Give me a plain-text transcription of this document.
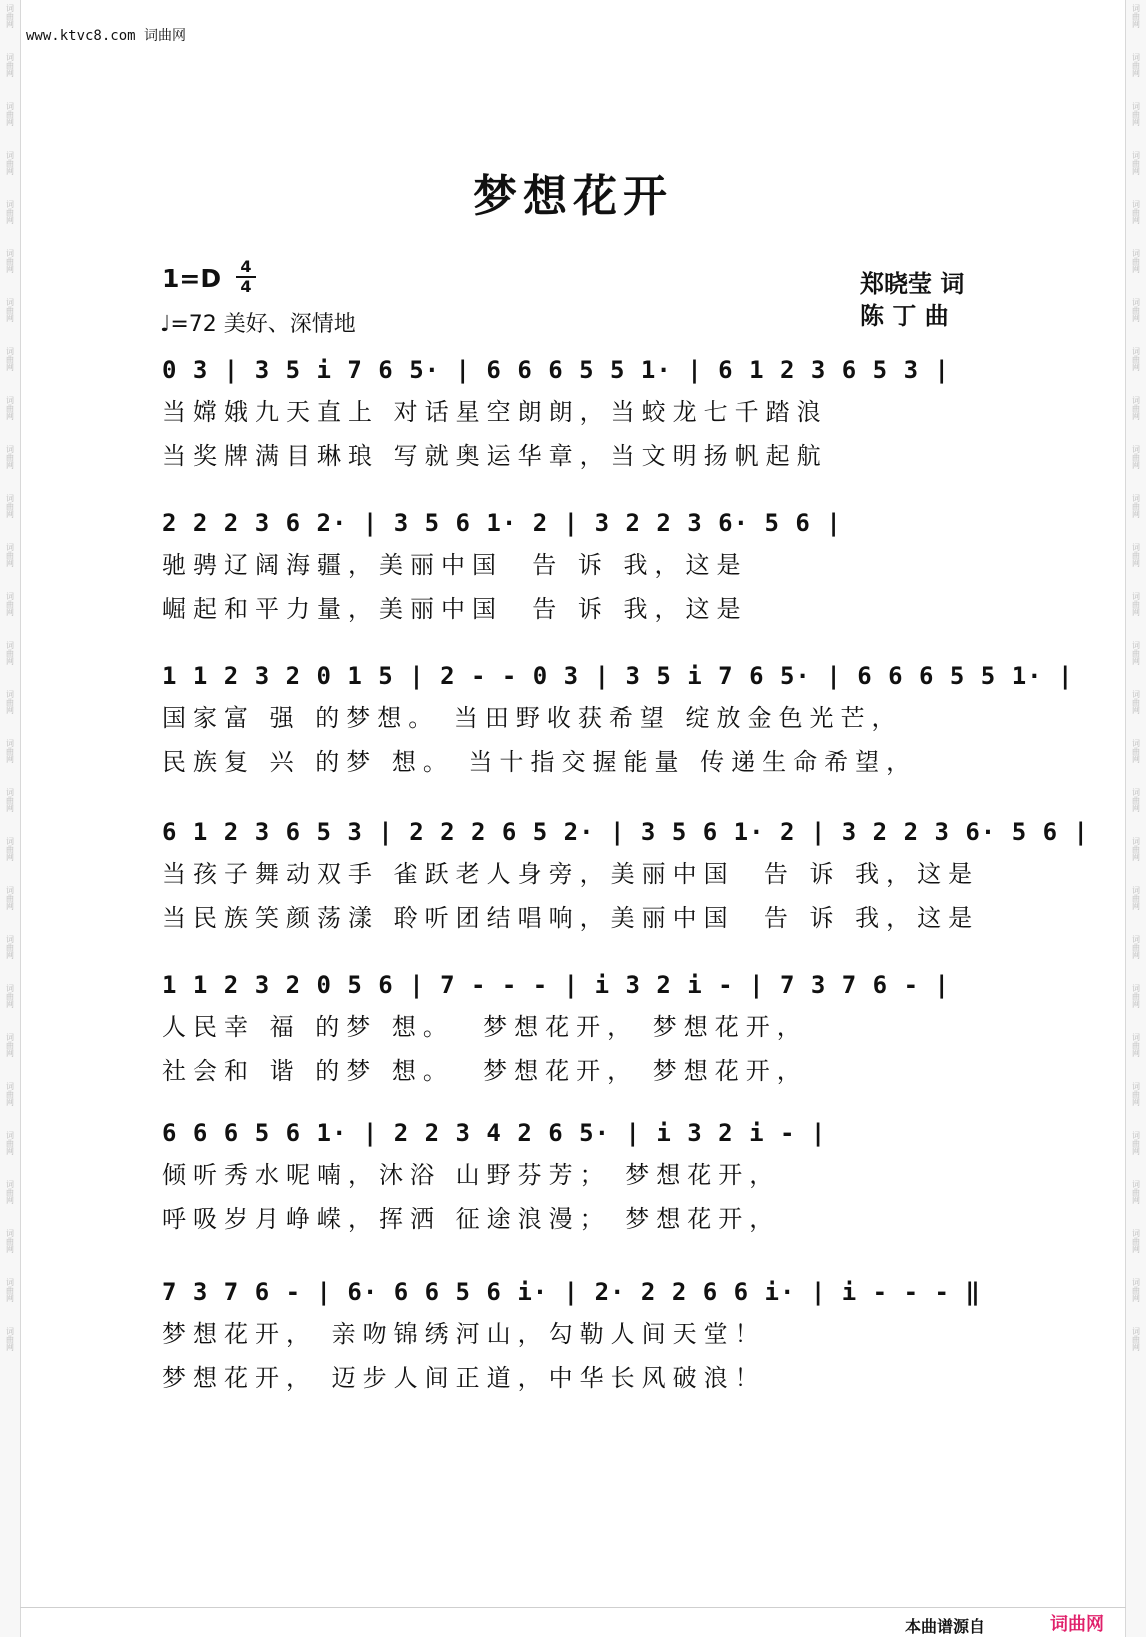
词曲网
词曲网
词曲网
词曲网
词曲网
词曲网
词曲网
词曲网
词曲网
词曲网
词曲网
词曲网
词曲网
词曲网
词曲网
词曲网
词曲网
词曲网
词曲网
词曲网
词曲网
词曲网
词曲网
词曲网
词曲网
词曲网
词曲网
词曲网
词曲网
词曲网
词曲网
词曲网
词曲网
词曲网
词曲网
词曲网
词曲网
词曲网
词曲网
词曲网
词曲网
词曲网
词曲网
词曲网
词曲网
词曲网
词曲网
词曲网
词曲网
词曲网
词曲网
词曲网
词曲网
词曲网
词曲网
词曲网
www.ktvc8.com 词曲网
梦想花开
1=D 4
4
♩=72 美好、深情地
郑晓莹 词
陈 丁 曲
0 3 | 3 5 i 7 6 5· | 6 6 6 5 5 1· | 6 1 2 3 6 5 3 |
当嫦娥九天直上 对话星空朗朗，当蛟龙七千踏浪
当奖牌满目琳琅 写就奥运华章，当文明扬帆起航
2 2 2 3 6 2· | 3 5 6 1· 2 | 3 2 2 3 6· 5 6 |
驰骋辽阔海疆，美丽中国  告 诉 我，这是
崛起和平力量，美丽中国  告 诉 我，这是
1 1 2 3 2 0 1 5 | 2 - - 0 3 | 3 5 i 7 6 5· | 6 6 6 5 5 1· |
国家富 强 的梦想。 当田野收获希望 绽放金色光芒，
民族复 兴 的梦 想。 当十指交握能量 传递生命希望，
6 1 2 3 6 5 3 | 2 2 2 6 5 2· | 3 5 6 1· 2 | 3 2 2 3 6· 5 6 |
当孩子舞动双手 雀跃老人身旁，美丽中国  告 诉 我，这是
当民族笑颜荡漾 聆听团结唱响，美丽中国  告 诉 我，这是
1 1 2 3 2 0 5 6 | 7 - - - | i 3 2 i - | 7 3 7 6 - |
人民幸 福 的梦 想。  梦想花开， 梦想花开，
社会和 谐 的梦 想。  梦想花开， 梦想花开，
6 6 6 5 6 1· | 2 2 3 4 2 6 5· | i 3 2 i - |
倾听秀水呢喃，沐浴 山野芬芳； 梦想花开，
呼吸岁月峥嵘，挥洒 征途浪漫； 梦想花开，
7 3 7 6 - | 6· 6 6 5 6 i· | 2· 2 2 6 6 i· | i - - - ‖
梦想花开， 亲吻锦绣河山，勾勒人间天堂！
梦想花开， 迈步人间正道，中华长风破浪！
本曲谱源自	词曲网
